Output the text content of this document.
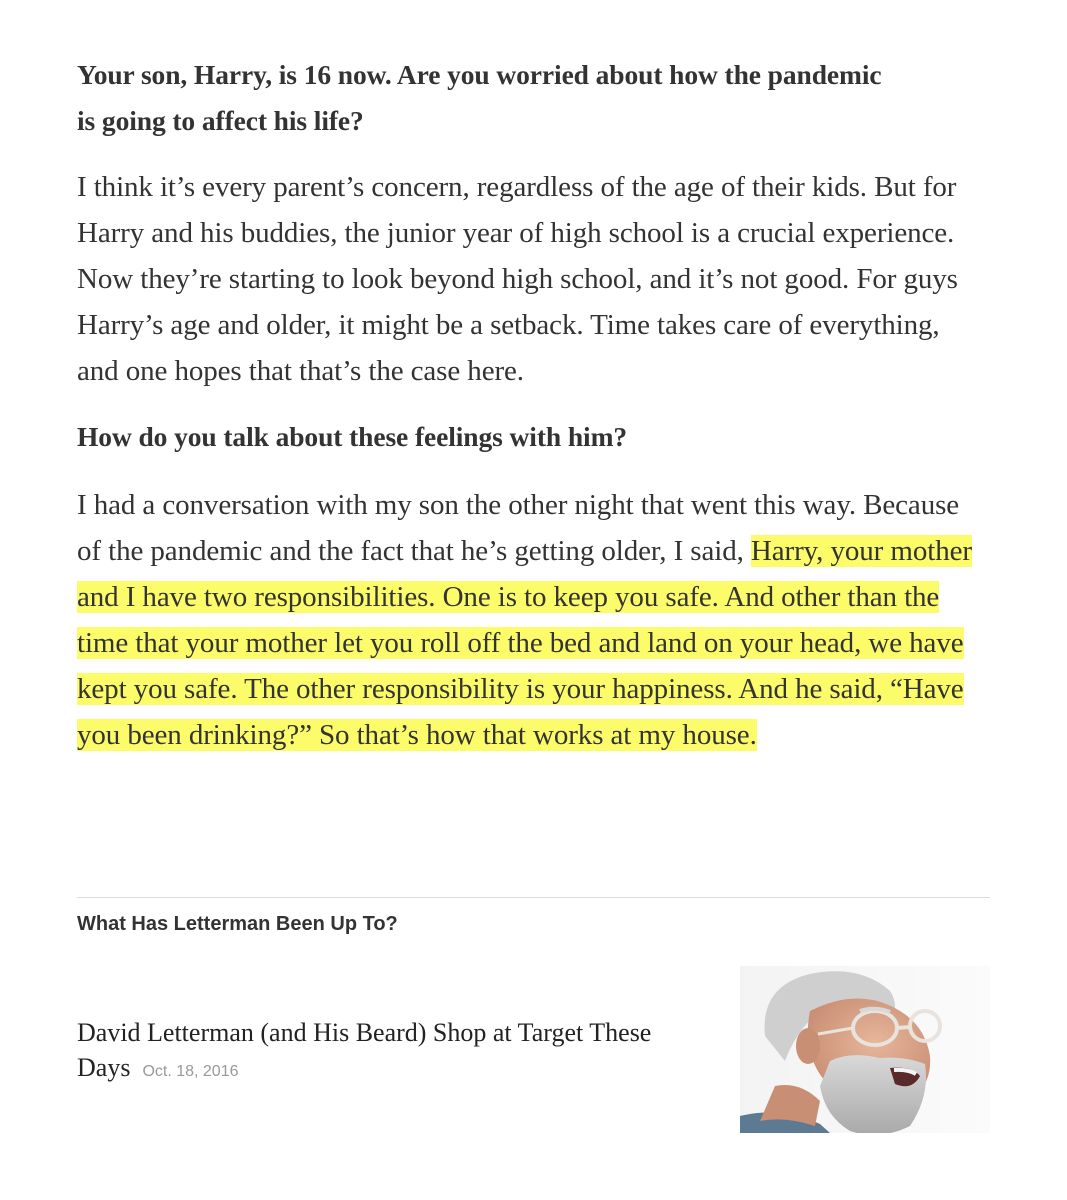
Your son, Harry, is 16 now. Are you worried about how the pandemic is going to affect his life?

I think it’s every parent’s concern, regardless of the age of their kids. But for Harry and his buddies, the junior year of high school is a crucial experience. Now they’re starting to look beyond high school, and it’s not good. For guys Harry’s age and older, it might be a setback. Time takes care of everything, and one hopes that that’s the case here.

How do you talk about these feelings with him?

I had a conversation with my son the other night that went this way. Because of the pandemic and the fact that he’s getting older, I said, Harry, your mother and I have two responsibilities. One is to keep you safe. And other than the time that your mother let you roll off the bed and land on your head, we have kept you safe. The other responsibility is your happiness. And he said, “Have you been drinking?” So that’s how that works at my house.

What Has Letterman Been Up To?
David Letterman (and His Beard) Shop at Target These Days Oct. 18, 2016
